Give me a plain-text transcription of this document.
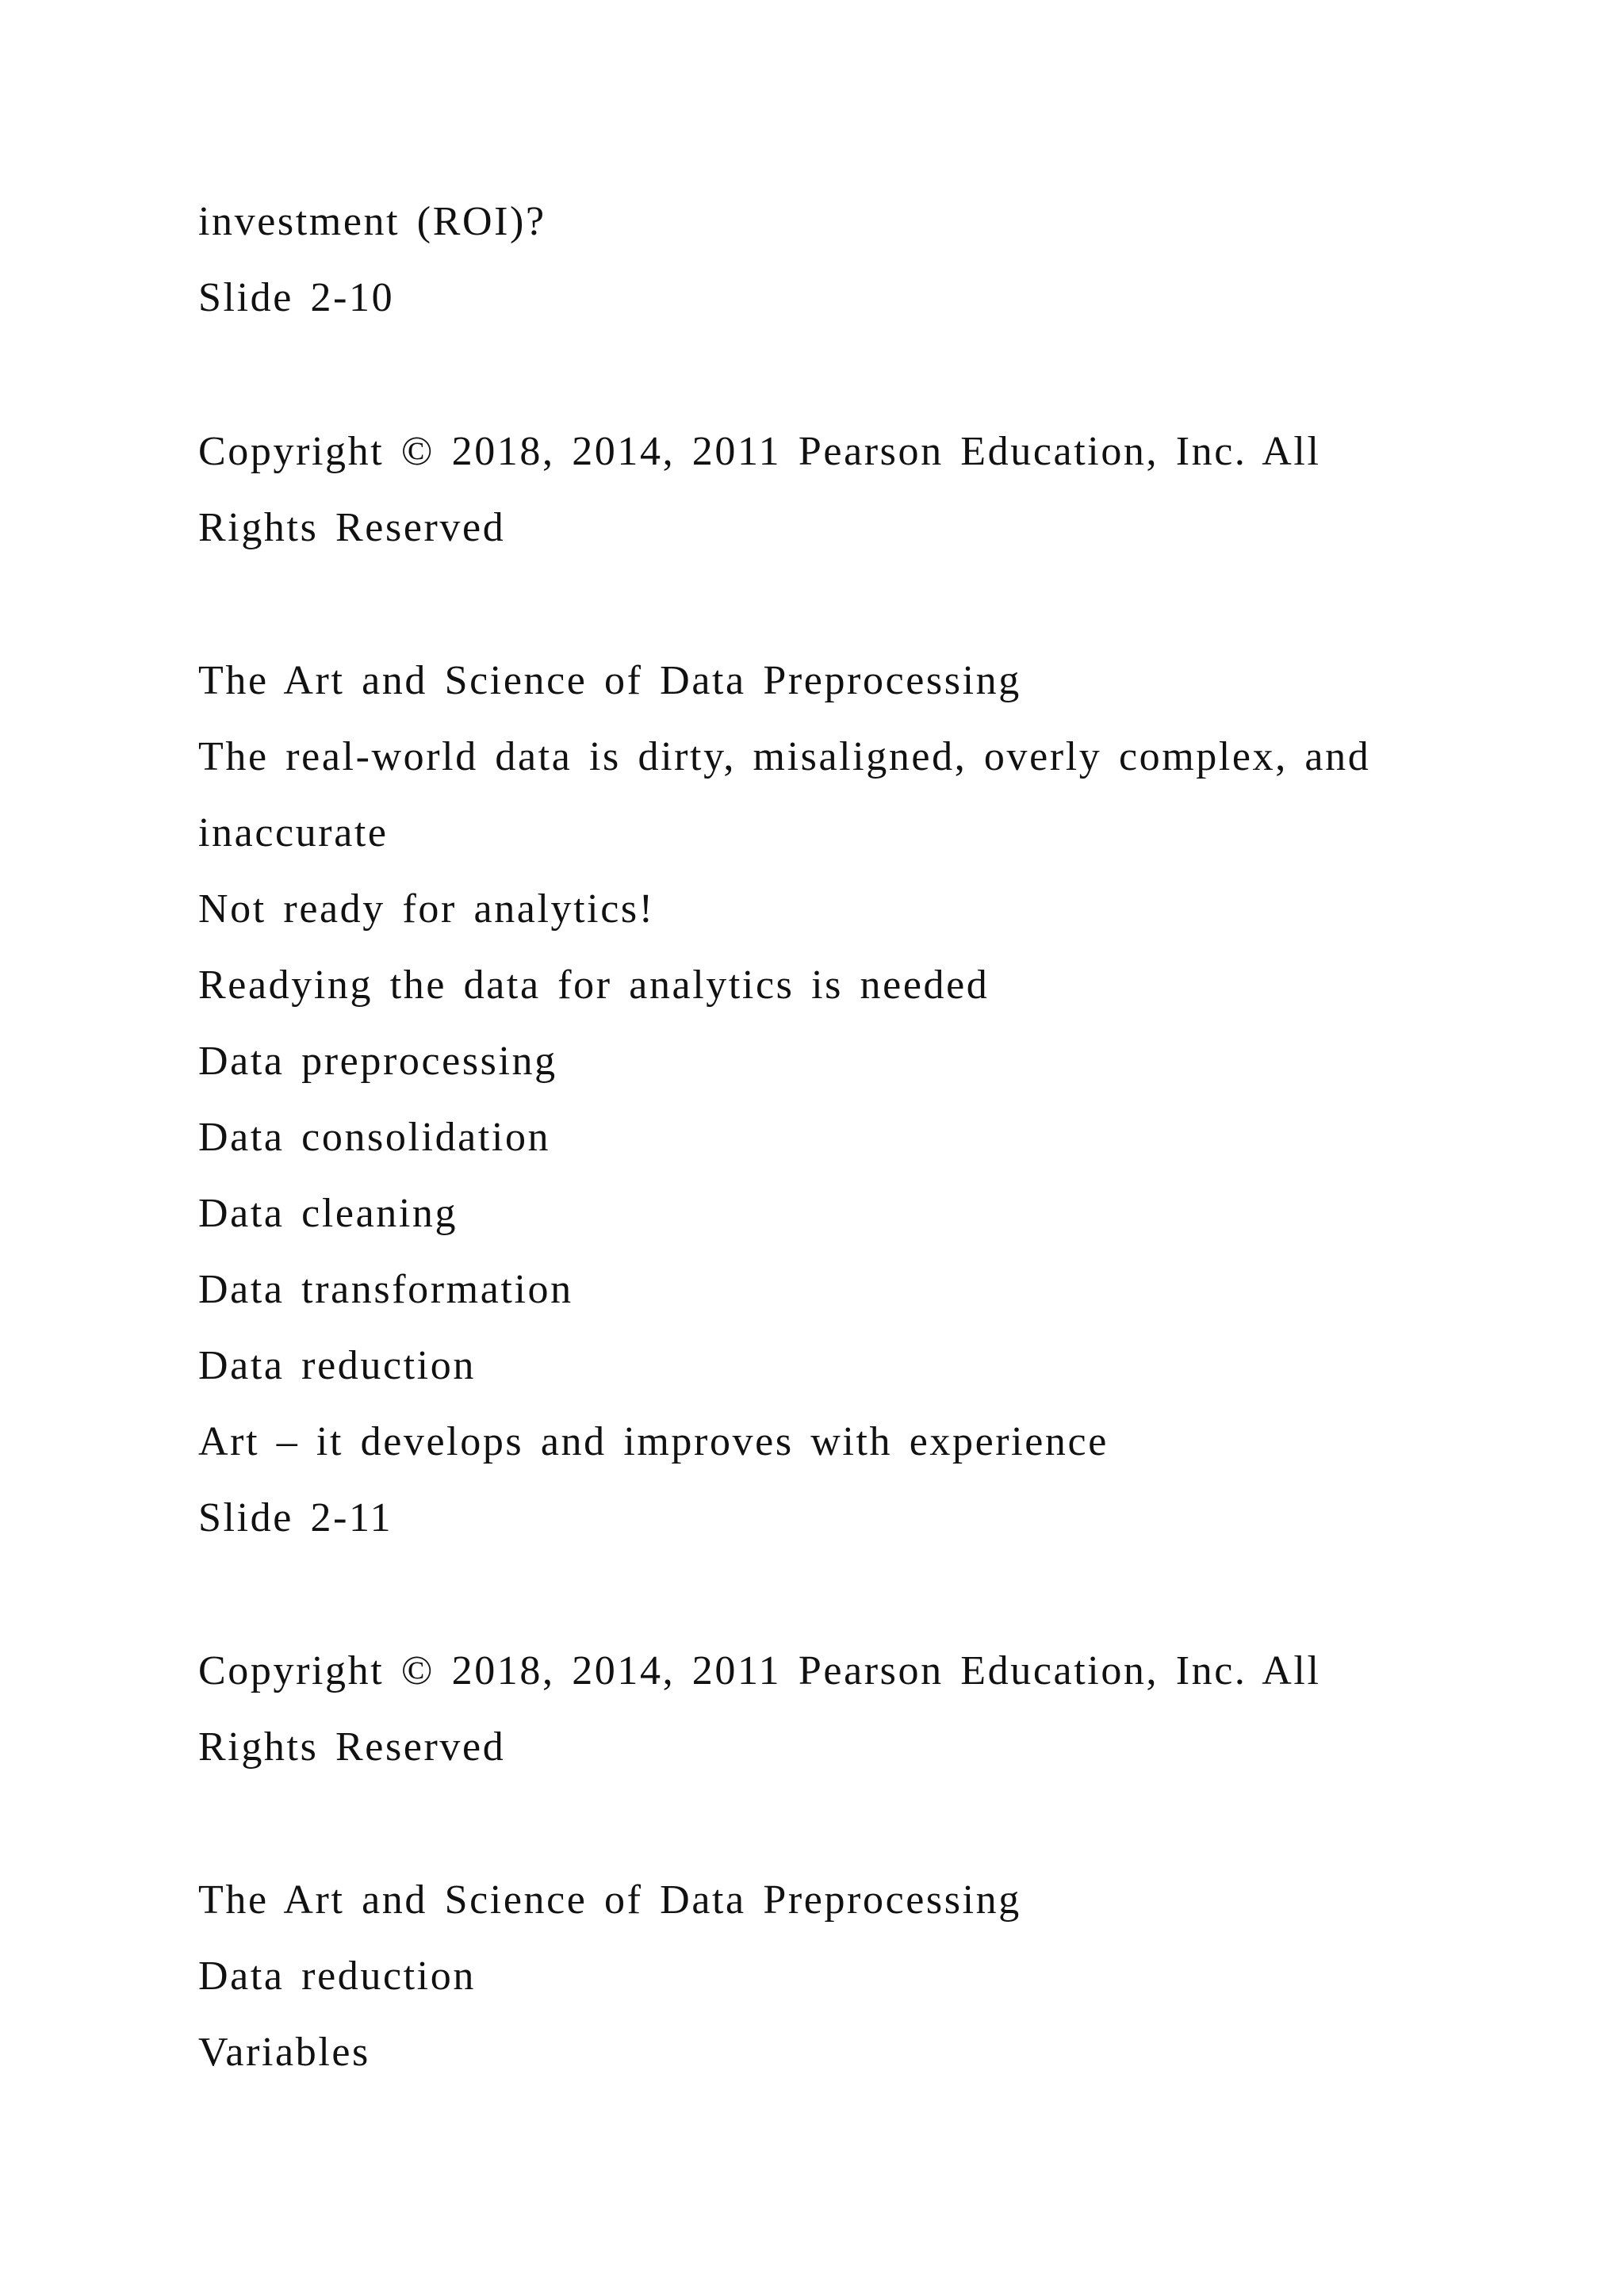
investment (ROI)?

Slide 2-10

Copyright © 2018, 2014, 2011 Pearson Education, Inc. All

Rights Reserved

The Art and Science of Data Preprocessing

The real-world data is dirty, misaligned, overly complex, and

inaccurate

Not ready for analytics!

Readying the data for analytics is needed

Data preprocessing

Data consolidation

Data cleaning

Data transformation

Data reduction

Art – it develops and improves with experience

Slide 2-11

Copyright © 2018, 2014, 2011 Pearson Education, Inc. All

Rights Reserved

The Art and Science of Data Preprocessing

Data reduction

Variables
